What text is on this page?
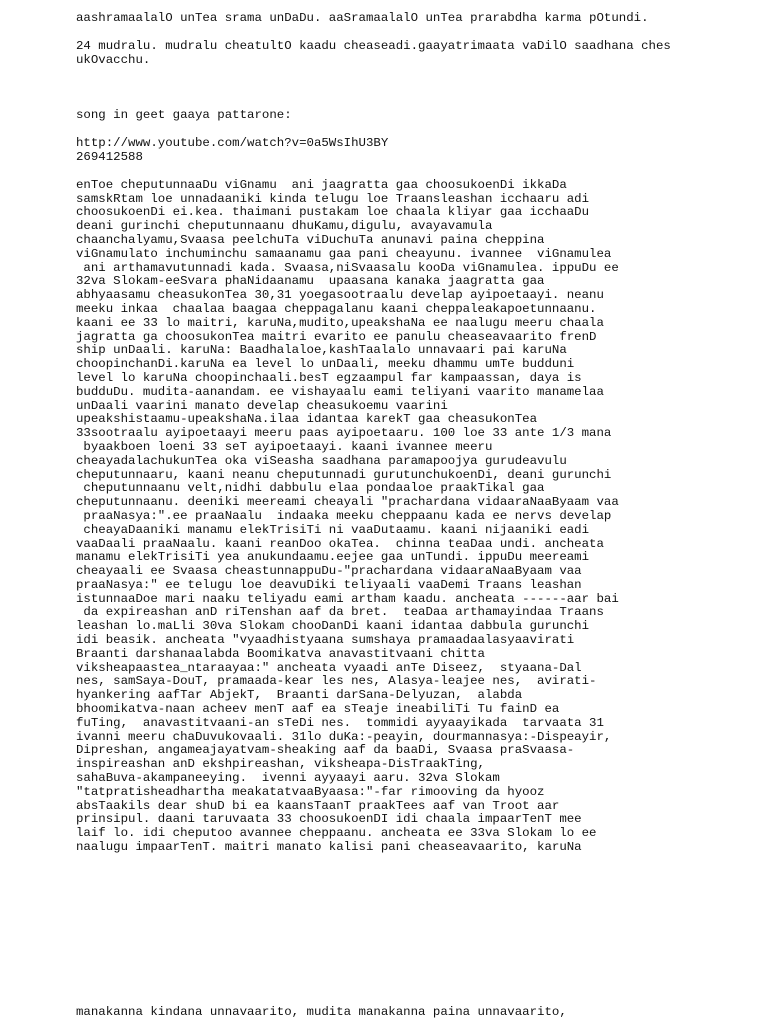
aashramaalalO unTea srama unDaDu. aaSramaalalO unTea prarabdha karma pOtundi.
24 mudralu. mudralu cheatultO kaadu cheaseadi.gaayatrimaata vaDilO saadhana ches
ukOvacchu.
song in geet gaaya pattarone:
http://www.youtube.com/watch?v=0a5WsIhU3BY
269412588
enToe cheputunnaaDu viGnamu  ani jaagratta gaa choosukoenDi ikkaDa
samskRtam loe unnadaaniki kinda telugu loe Traansleashan icchaaru adi
choosukoenDi ei.kea. thaimani pustakam loe chaala kliyar gaa icchaaDu
deani gurinchi cheputunnaanu dhuKamu,digulu, avayavamula
chaanchalyamu,Svaasa peelchuTa viDuchuTa anunavi paina cheppina
viGnamulato inchuminchu samaanamu gaa pani cheayunu. ivannee  viGnamulea
ani arthamavutunnadi kada. Svaasa,niSvaasalu kooDa viGnamulea. ippuDu ee
32va Slokam-eeSvara phaNidaanamu  upaasana kanaka jaagratta gaa
abhyaasamu cheasukonTea 30,31 yoegasootraalu develap ayipoetaayi. neanu
meeku inkaa  chaalaa baagaa cheppagalanu kaani cheppaleakapoetunnaanu.
kaani ee 33 lo maitri, karuNa,mudito,upeakshaNa ee naalugu meeru chaala
jagratta ga choosukonTea maitri evarito ee panulu cheaseavaarito frenD
ship unDaali. karuNa: Baadhalaloe,kashTaalalo unnavaari pai karuNa
choopinchanDi.karuNa ea level lo unDaali, meeku dhammu umTe budduni
level lo karuNa choopinchaali.besT egzaampul far kampaassan, daya is
budduDu. mudita-aanandam. ee vishayaalu eami teliyani vaarito manamelaa
unDaali vaarini manato develap cheasukoemu vaarini
upeakshistaamu-upeakshaNa.ilaa idantaa karekT gaa cheasukonTea
33sootraalu ayipoetaayi meeru paas ayipoetaaru. 100 loe 33 ante 1/3 mana
byaakboen loeni 33 seT ayipoetaayi. kaani ivannee meeru
cheayadalachukunTea oka viSeasha saadhana paramapoojya gurudeavulu
cheputunnaaru, kaani neanu cheputunnadi gurutunchukoenDi, deani gurunchi
cheputunnaanu velt,nidhi dabbulu elaa pondaaloe praakTikal gaa
cheputunnaanu. deeniki meereami cheayali "prachardana vidaaraNaaByaam vaa
praaNasya:".ee praaNaalu  indaaka meeku cheppaanu kada ee nervs develap
cheayaDaaniki manamu elekTrisiTi ni vaaDutaamu. kaani nijaaniki eadi
vaaDaali praaNaalu. kaani reanDoo okaTea.  chinna teaDaa undi. ancheata
manamu elekTrisiTi yea anukundaamu.eejee gaa unTundi. ippuDu meereami
cheayaali ee Svaasa cheastunnappuDu-"prachardana vidaaraNaaByaam vaa
praaNasya:" ee telugu loe deavuDiki teliyaali vaaDemi Traans leashan
istunnaaDoe mari naaku teliyadu eami artham kaadu. ancheata ------aar bai
da expireashan anD riTenshan aaf da bret.  teaDaa arthamayindaa Traans
leashan lo.maLli 30va Slokam chooDanDi kaani idantaa dabbula gurunchi
idi beasik. ancheata "vyaadhistyaana sumshaya pramaadaalasyaavirati
Braanti darshanaalabda Boomikatva anavastitvaani chitta
viksheapaastea_ntaraayaa:" ancheata vyaadi anTe Diseez,  styaana-Dal
nes, samSaya-DouT, pramaada-kear les nes, Alasya-leajee nes,  avirati-
hyankering aafTar AbjekT,  Braanti darSana-Delyuzan,  alabda
bhoomikatva-naan acheev menT aaf ea sTeaje ineabiliTi Tu fainD ea
fuTing,  anavastitvaani-an sTeDi nes.  tommidi ayyaayikada  tarvaata 31
ivanni meeru chaDuvukovaali. 31lo duKa:-peayin, dourmannasya:-Dispeayir,
Dipreshan, angameajayatvam-sheaking aaf da baaDi, Svaasa praSvaasa-
inspireashan anD ekshpireashan, viksheapa-DisTraakTing,
sahaBuva-akampaneeying.  ivenni ayyaayi aaru. 32va Slokam
"tatpratisheadhartha meakatatvaaByaasa:"-far rimooving da hyooz
absTaakils dear shuD bi ea kaansTaanT praakTees aaf van Troot aar
prinsipul. daani taruvaata 33 choosukoenDI idi chaala impaarTenT mee
laif lo. idi cheputoo avannee cheppaanu. ancheata ee 33va Slokam lo ee
naalugu impaarTenT. maitri manato kalisi pani cheaseavaarito, karuNa
manakanna kindana unnavaarito, mudita manakanna paina unnavaarito,
